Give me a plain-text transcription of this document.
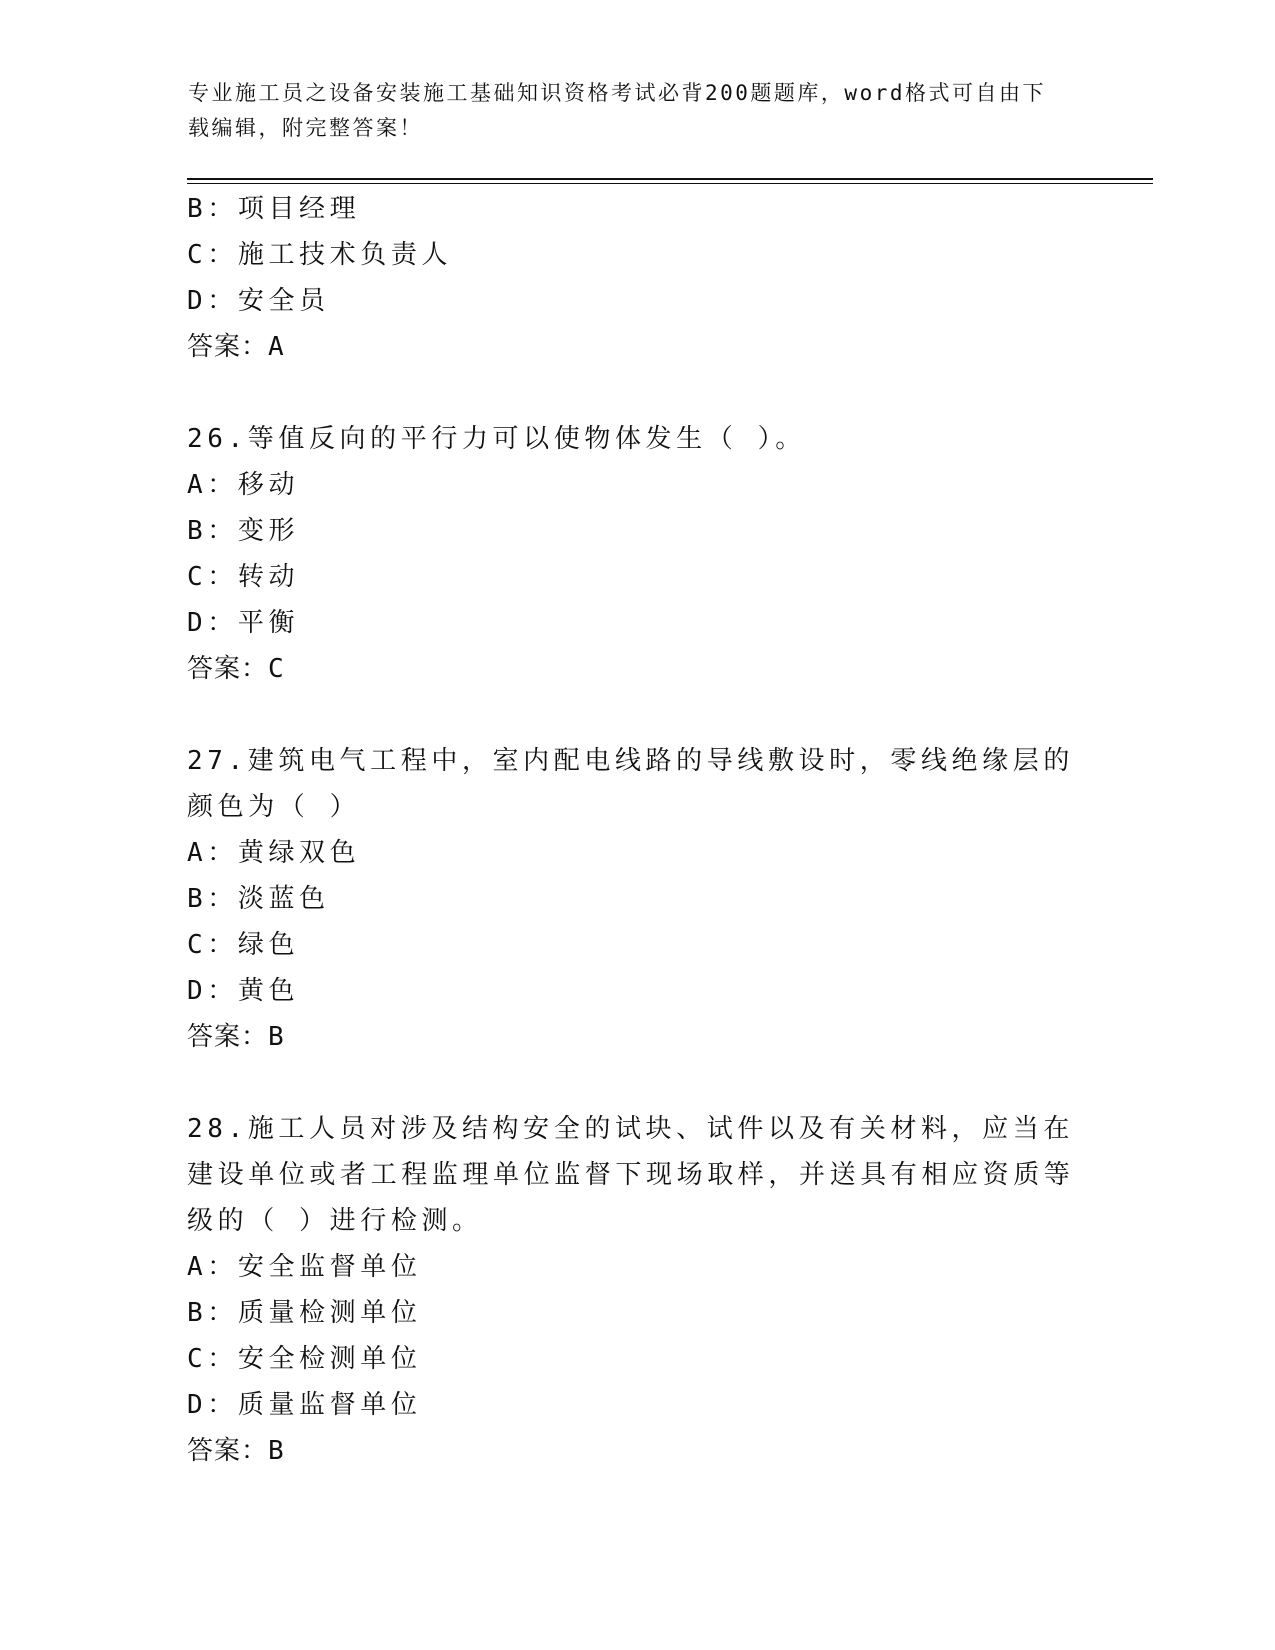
专业施工员之设备安装施工基础知识资格考试必背200题题库，word格式可自由下载编辑，附完整答案！
B：项目经理
C：施工技术负责人
D：安全员
答案：A
26.等值反向的平行力可以使物体发生（ ）。
A：移动
B：变形
C：转动
D：平衡
答案：C
27.建筑电气工程中，室内配电线路的导线敷设时，零线绝缘层的颜色为（ ）
A：黄绿双色
B：淡蓝色
C：绿色
D：黄色
答案：B
28.施工人员对涉及结构安全的试块、试件以及有关材料，应当在建设单位或者工程监理单位监督下现场取样，并送具有相应资质等级的（ ）进行检测。
A：安全监督单位
B：质量检测单位
C：安全检测单位
D：质量监督单位
答案：B
